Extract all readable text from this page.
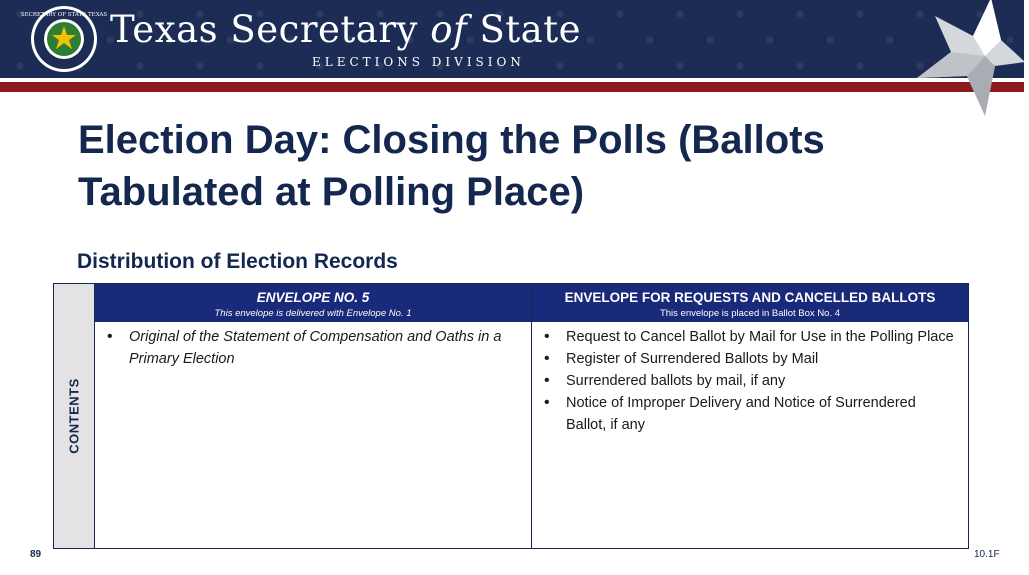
SECRETARY OF STATE TEXAS Texas Secretary of State
ELECTIONS DIVISION
Election Day: Closing the Polls (Ballots Tabulated at Polling Place)
Distribution of Election Records
CONTENTS
ENVELOPE NO. 5
This envelope is delivered with Envelope No. 1
• Original of the Statement of Compensation and Oaths in a Primary Election
ENVELOPE FOR REQUESTS AND CANCELLED BALLOTS
This envelope is placed in Ballot Box No. 4
• Request to Cancel Ballot by Mail for Use in the Polling Place
• Register of Surrendered Ballots by Mail
• Surrendered ballots by mail, if any
• Notice of Improper Delivery and Notice of Surrendered Ballot, if any
89	10.1F
